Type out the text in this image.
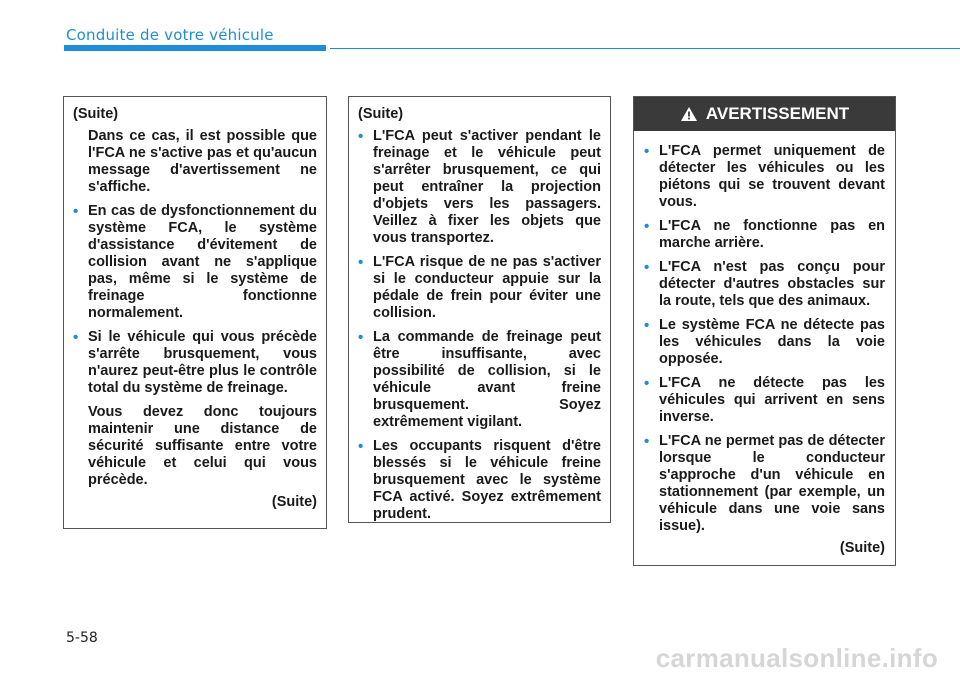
Conduite de votre véhicule
(Suite)
Dans ce cas, il est possible que l'FCA ne s'active pas et qu'aucun message d'avertissement ne s'affiche.
• En cas de dysfonctionnement du système FCA, le système d'assistance d'évitement de collision avant ne s'applique pas, même si le système de freinage fonctionne normalement.
• Si le véhicule qui vous précède s'arrête brusquement, vous n'aurez peut-être plus le contrôle total du système de freinage.
Vous devez donc toujours maintenir une distance de sécurité suffisante entre votre véhicule et celui qui vous précède.
(Suite)
(Suite)
• L'FCA peut s'activer pendant le freinage et le véhicule peut s'arrêter brusquement, ce qui peut entraîner la projection d'objets vers les passagers. Veillez à fixer les objets que vous transportez.
• L'FCA risque de ne pas s'activer si le conducteur appuie sur la pédale de frein pour éviter une collision.
• La commande de freinage peut être insuffisante, avec possibilité de collision, si le véhicule avant freine brusquement. Soyez extrêmement vigilant.
• Les occupants risquent d'être blessés si le véhicule freine brusquement avec le système FCA activé. Soyez extrêmement prudent.
AVERTISSEMENT
• L'FCA permet uniquement de détecter les véhicules ou les piétons qui se trouvent devant vous.
• L'FCA ne fonctionne pas en marche arrière.
• L'FCA n'est pas conçu pour détecter d'autres obstacles sur la route, tels que des animaux.
• Le système FCA ne détecte pas les véhicules dans la voie opposée.
• L'FCA ne détecte pas les véhicules qui arrivent en sens inverse.
• L'FCA ne permet pas de détecter lorsque le conducteur s'approche d'un véhicule en stationnement (par exemple, un véhicule dans une voie sans issue).
(Suite)
5-58
carmanualsonline.info
